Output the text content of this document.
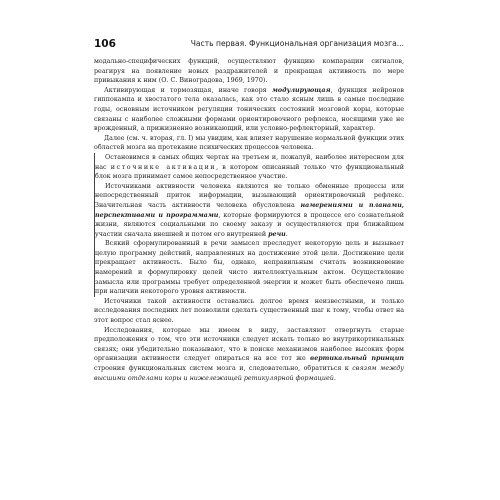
106	Часть первая. Функциональная организация мозга...

модально-специфических функций, осуществляют функцию компарации сигналов, реагируя на появление новых раздражителей и прекращая активность по мере привыкания к ним (О. С. Виноградова, 1969, 1970).

Активирующая и тормозящая, иначе говоря модулирующая, функция нейронов гиппокампа и хвостатого тела оказалась, как это стало ясным лишь в самые последние годы, основным источником регуляции тонических состояний мозговой коры, которые связаны с наиболее сложными формами ориентировочного рефлекса, носящими уже не врожденный, а прижизненно возникающий, или условно-рефлекторный, характер.

Далее (см. ч. вторая, гл. I) мы увидим, как влияет нарушение нормальной функции этих областей мозга на протекание психических процессов человека.

Остановимся в самых общих чертах на третьем и, пожалуй, наиболее интересном для нас источнике активации, в котором описанный только что функциональный блок мозга принимает самое непосредственное участие.

Источниками активности человека являются не только обменные процессы или непосредственный приток информации, вызывающий ориентировочный рефлекс. Значительная часть активности человека обусловлена намерениями и планами, перспективами и программами, которые формируются в процессе его сознательной жизни, являются социальными по своему заказу и осуществляются при ближайшем участии сначала внешней и потом его внутренней речи.

Всякий сформулированный в речи замысел преследует некоторую цель и вызывает целую программу действий, направленных на достижение этой цели. Достижение цели прекращает активность. Было бы, однако, неправильным считать возникновение намерений и формулировку целей чисто интеллектуальным актом. Осуществление замысла или программы требует определенной энергии и может быть обеспечено лишь при наличии некоторого уровня активности.

Источники такой активности оставались долгое время неизвестными, и только исследования последних лет позволили сделать существенный шаг к тому, чтобы ответ на этот вопрос стал яснее.

Исследования, которые мы имеем в виду, заставляют отвергнуть старые предположения о том, что эти источники следует искать только во внутрикортикальных связях; они убедительно показывают, что в поиске механизмов наиболее высоких форм организации активности следует опираться на все тот же вертикальный принцип строения функциональных систем мозга и, следовательно, обратиться к связям между высшими отделами коры и нижележащей ретикулярной формацией.
